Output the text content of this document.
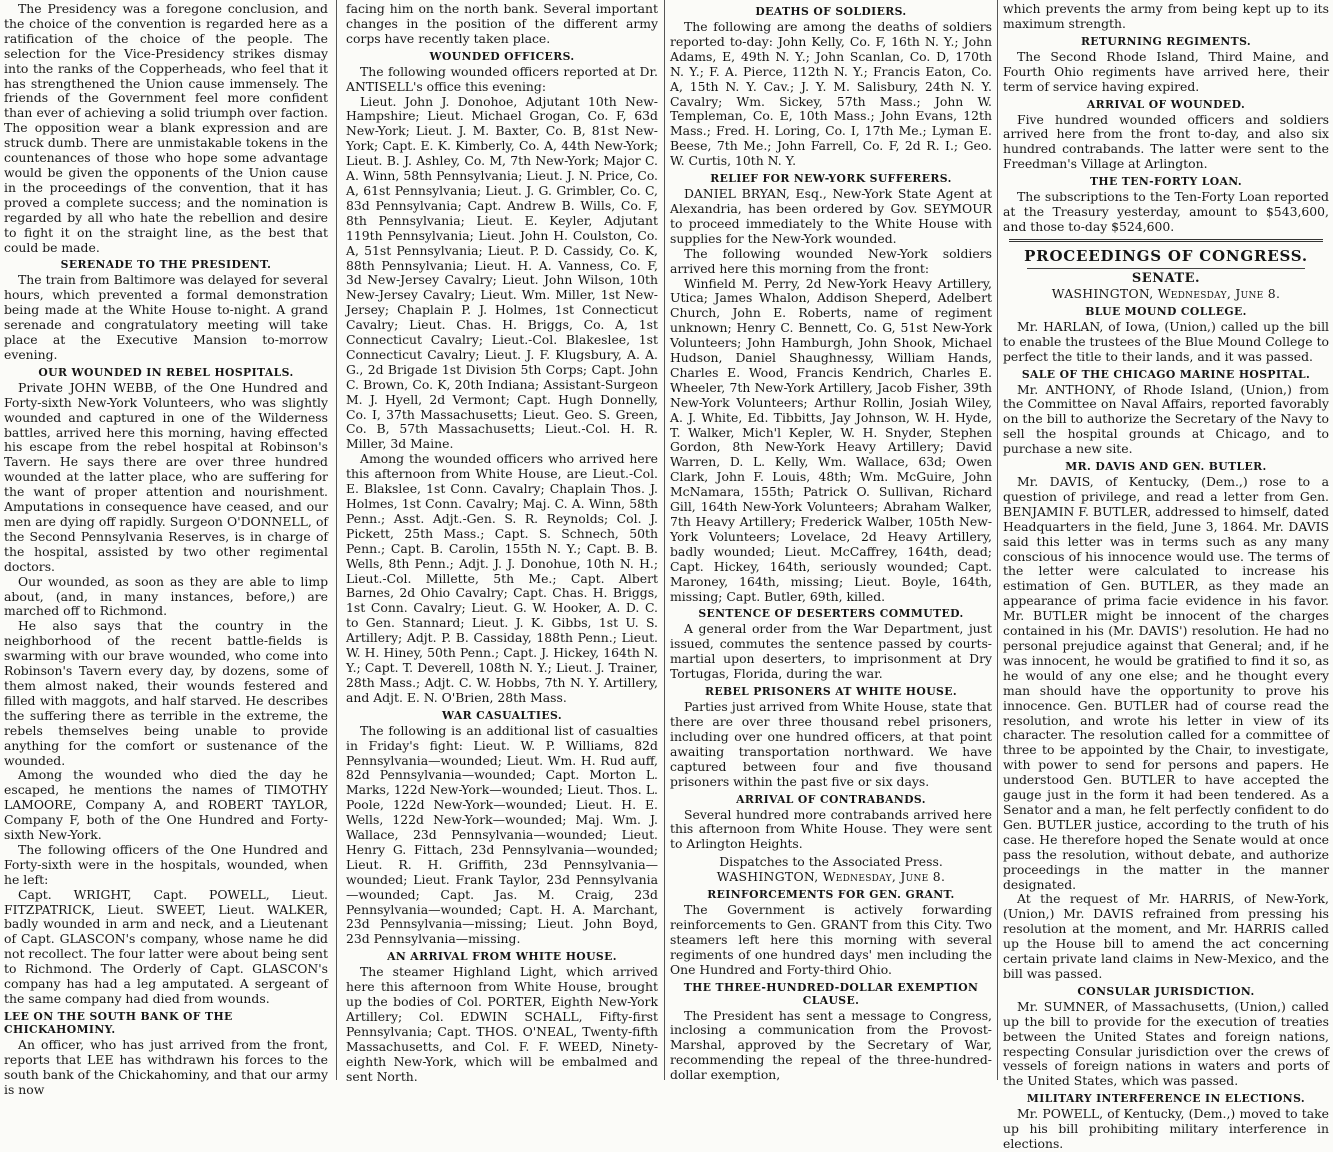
The Presidency was a foregone conclusion, and the choice of the convention is regarded here as a ratification of the choice of the people. The selection for the Vice-Presidency strikes dismay into the ranks of the Copperheads, who feel that it has strengthened the Union cause immensely. The friends of the Government feel more confident than ever of achieving a solid triumph over faction. The opposition wear a blank expression and are struck dumb. There are unmistakable tokens in the countenances of those who hope some advantage would be given the opponents of the Union cause in the proceedings of the convention, that it has proved a complete success; and the nomination is regarded by all who hate the rebellion and desire to fight it on the straight line, as the best that could be made.

SERENADE TO THE PRESIDENT.

The train from Baltimore was delayed for several hours, which prevented a formal demonstration being made at the White House to-night. A grand serenade and congratulatory meeting will take place at the Executive Mansion to-morrow evening.

OUR WOUNDED IN REBEL HOSPITALS.

Private JOHN WEBB, of the One Hundred and Forty-sixth New-York Volunteers, who was slightly wounded and captured in one of the Wilderness battles, arrived here this morning, having effected his escape from the rebel hospital at Robinson's Tavern. He says there are over three hundred wounded at the latter place, who are suffering for the want of proper attention and nourishment. Amputations in consequence have ceased, and our men are dying off rapidly. Surgeon O'DONNELL, of the Second Pennsylvania Reserves, is in charge of the hospital, assisted by two other regimental doctors.

Our wounded, as soon as they are able to limp about, (and, in many instances, before,) are marched off to Richmond.

He also says that the country in the neighborhood of the recent battle-fields is swarming with our brave wounded, who come into Robinson's Tavern every day, by dozens, some of them almost naked, their wounds festered and filled with maggots, and half starved. He describes the suffering there as terrible in the extreme, the rebels themselves being unable to provide anything for the comfort or sustenance of the wounded.

Among the wounded who died the day he escaped, he mentions the names of TIMOTHY LAMOORE, Company A, and ROBERT TAYLOR, Company F, both of the One Hundred and Forty-sixth New-York.

The following officers of the One Hundred and Forty-sixth were in the hospitals, wounded, when he left:

Capt. WRIGHT, Capt. POWELL, Lieut. FITZPATRICK, Lieut. SWEET, Lieut. WALKER, badly wounded in arm and neck, and a Lieutenant of Capt. GLASCON's company, whose name he did not recollect. The four latter were about being sent to Richmond. The Orderly of Capt. GLASCON's company has had a leg amputated. A sergeant of the same company had died from wounds.

LEE ON THE SOUTH BANK OF THE CHICKAHOMINY.

An officer, who has just arrived from the front, reports that LEE has withdrawn his forces to the south bank of the Chickahominy, and that our army is now

facing him on the north bank. Several important changes in the position of the different army corps have recently taken place.

WOUNDED OFFICERS.

The following wounded officers reported at Dr. ANTISELL's office this evening:

Lieut. John J. Donohoe, Adjutant 10th New-Hampshire; Lieut. Michael Grogan, Co. F, 63d New-York; Lieut. J. M. Baxter, Co. B, 81st New-York; Capt. E. K. Kimberly, Co. A, 44th New-York; Lieut. B. J. Ashley, Co. M, 7th New-York; Major C. A. Winn, 58th Pennsylvania; Lieut. J. N. Price, Co. A, 61st Pennsylvania; Lieut. J. G. Grimbler, Co. C, 83d Pennsylvania; Capt. Andrew B. Wills, Co. F, 8th Pennsylvania; Lieut. E. Keyler, Adjutant 119th Pennsylvania; Lieut. John H. Coulston, Co. A, 51st Pennsylvania; Lieut. P. D. Cassidy, Co. K, 88th Pennsylvania; Lieut. H. A. Vanness, Co. F, 3d New-Jersey Cavalry; Lieut. John Wilson, 10th New-Jersey Cavalry; Lieut. Wm. Miller, 1st New-Jersey; Chaplain P. J. Holmes, 1st Connecticut Cavalry; Lieut. Chas. H. Briggs, Co. A, 1st Connecticut Cavalry; Lieut.-Col. Blakeslee, 1st Connecticut Cavalry; Lieut. J. F. Klugsbury, A. A. G., 2d Brigade 1st Division 5th Corps; Capt. John C. Brown, Co. K, 20th Indiana; Assistant-Surgeon M. J. Hyell, 2d Vermont; Capt. Hugh Donnelly, Co. I, 37th Massachusetts; Lieut. Geo. S. Green, Co. B, 57th Massachusetts; Lieut.-Col. H. R. Miller, 3d Maine.

Among the wounded officers who arrived here this afternoon from White House, are Lieut.-Col. E. Blakslee, 1st Conn. Cavalry; Chaplain Thos. J. Holmes, 1st Conn. Cavalry; Maj. C. A. Winn, 58th Penn.; Asst. Adjt.-Gen. S. R. Reynolds; Col. J. Pickett, 25th Mass.; Capt. S. Schnech, 50th Penn.; Capt. B. Carolin, 155th N. Y.; Capt. B. B. Wells, 8th Penn.; Adjt. J. J. Donohue, 10th N. H.; Lieut.-Col. Millette, 5th Me.; Capt. Albert Barnes, 2d Ohio Cavalry; Capt. Chas. H. Briggs, 1st Conn. Cavalry; Lieut. G. W. Hooker, A. D. C. to Gen. Stannard; Lieut. J. K. Gibbs, 1st U. S. Artillery; Adjt. P. B. Cassiday, 188th Penn.; Lieut. W. H. Hiney, 50th Penn.; Capt. J. Hickey, 164th N. Y.; Capt. T. Deverell, 108th N. Y.; Lieut. J. Trainer, 28th Mass.; Adjt. C. W. Hobbs, 7th N. Y. Artillery, and Adjt. E. N. O'Brien, 28th Mass.

WAR CASUALTIES.

The following is an additional list of casualties in Friday's fight: Lieut. W. P. Williams, 82d Pennsylvania—wounded; Lieut. Wm. H. Rud auff, 82d Pennsylvania—wounded; Capt. Morton L. Marks, 122d New-York—wounded; Lieut. Thos. L. Poole, 122d New-York—wounded; Lieut. H. E. Wells, 122d New-York—wounded; Maj. Wm. J. Wallace, 23d Pennsylvania—wounded; Lieut. Henry G. Fittach, 23d Pennsylvania—wounded; Lieut. R. H. Griffith, 23d Pennsylvania—wounded; Lieut. Frank Taylor, 23d Pennsylvania—wounded; Capt. Jas. M. Craig, 23d Pennsylvania—wounded; Capt. H. A. Marchant, 23d Pennsylvania—missing; Lieut. John Boyd, 23d Pennsylvania—missing.

AN ARRIVAL FROM WHITE HOUSE.

The steamer Highland Light, which arrived here this afternoon from White House, brought up the bodies of Col. PORTER, Eighth New-York Artillery; Col. EDWIN SCHALL, Fifty-first Pennsylvania; Capt. THOS. O'NEAL, Twenty-fifth Massachusetts, and Col. F. F. WEED, Ninety-eighth New-York, which will be embalmed and sent North.

DEATHS OF SOLDIERS.

The following are among the deaths of soldiers reported to-day: John Kelly, Co. F, 16th N. Y.; John Adams, E, 49th N. Y.; John Scanlan, Co. D, 170th N. Y.; F. A. Pierce, 112th N. Y.; Francis Eaton, Co. A, 15th N. Y. Cav.; J. Y. M. Salisbury, 24th N. Y. Cavalry; Wm. Sickey, 57th Mass.; John W. Templeman, Co. E, 10th Mass.; John Evans, 12th Mass.; Fred. H. Loring, Co. I, 17th Me.; Lyman E. Beese, 7th Me.; John Farrell, Co. F, 2d R. I.; Geo. W. Curtis, 10th N. Y.

RELIEF FOR NEW-YORK SUFFERERS.

DANIEL BRYAN, Esq., New-York State Agent at Alexandria, has been ordered by Gov. SEYMOUR to proceed immediately to the White House with supplies for the New-York wounded.

The following wounded New-York soldiers arrived here this morning from the front:

Winfield M. Perry, 2d New-York Heavy Artillery, Utica; James Whalon, Addison Sheperd, Adelbert Church, John E. Roberts, name of regiment unknown; Henry C. Bennett, Co. G, 51st New-York Volunteers; John Hamburgh, John Shook, Michael Hudson, Daniel Shaughnessy, William Hands, Charles E. Wood, Francis Kendrich, Charles E. Wheeler, 7th New-York Artillery, Jacob Fisher, 39th New-York Volunteers; Arthur Rollin, Josiah Wiley, A. J. White, Ed. Tibbitts, Jay Johnson, W. H. Hyde, T. Walker, Mich'l Kepler, W. H. Snyder, Stephen Gordon, 8th New-York Heavy Artillery; David Warren, D. L. Kelly, Wm. Wallace, 63d; Owen Clark, John F. Louis, 48th; Wm. McGuire, John McNamara, 155th; Patrick O. Sullivan, Richard Gill, 164th New-York Volunteers; Abraham Walker, 7th Heavy Artillery; Frederick Walber, 105th New-York Volunteers; Lovelace, 2d Heavy Artillery, badly wounded; Lieut. McCaffrey, 164th, dead; Capt. Hickey, 164th, seriously wounded; Capt. Maroney, 164th, missing; Lieut. Boyle, 164th, missing; Capt. Butler, 69th, killed.

SENTENCE OF DESERTERS COMMUTED.

A general order from the War Department, just issued, commutes the sentence passed by courts-martial upon deserters, to imprisonment at Dry Tortugas, Florida, during the war.

REBEL PRISONERS AT WHITE HOUSE.

Parties just arrived from White House, state that there are over three thousand rebel prisoners, including over one hundred officers, at that point awaiting transportation northward. We have captured between four and five thousand prisoners within the past five or six days.

ARRIVAL OF CONTRABANDS.

Several hundred more contrabands arrived here this afternoon from White House. They were sent to Arlington Heights.

Dispatches to the Associated Press.

WASHINGTON, Wednesday, June 8.

REINFORCEMENTS FOR GEN. GRANT.

The Government is actively forwarding reinforcements to Gen. GRANT from this City. Two steamers left here this morning with several regiments of one hundred days' men including the One Hundred and Forty-third Ohio.

THE THREE-HUNDRED-DOLLAR EXEMPTION CLAUSE.

The President has sent a message to Congress, inclosing a communication from the Provost-Marshal, approved by the Secretary of War, recommending the repeal of the three-hundred-dollar exemption,

which prevents the army from being kept up to its maximum strength.

RETURNING REGIMENTS.

The Second Rhode Island, Third Maine, and Fourth Ohio regiments have arrived here, their term of service having expired.

ARRIVAL OF WOUNDED.

Five hundred wounded officers and soldiers arrived here from the front to-day, and also six hundred contrabands. The latter were sent to the Freedman's Village at Arlington.

THE TEN-FORTY LOAN.

The subscriptions to the Ten-Forty Loan reported at the Treasury yesterday, amount to $543,600, and those to-day $524,600.

PROCEEDINGS OF CONGRESS.
SENATE.

WASHINGTON, Wednesday, June 8.

BLUE MOUND COLLEGE.

Mr. HARLAN, of Iowa, (Union,) called up the bill to enable the trustees of the Blue Mound College to perfect the title to their lands, and it was passed.

SALE OF THE CHICAGO MARINE HOSPITAL.

Mr. ANTHONY, of Rhode Island, (Union,) from the Committee on Naval Affairs, reported favorably on the bill to authorize the Secretary of the Navy to sell the hospital grounds at Chicago, and to purchase a new site.

MR. DAVIS AND GEN. BUTLER.

Mr. DAVIS, of Kentucky, (Dem.,) rose to a question of privilege, and read a letter from Gen. BENJAMIN F. BUTLER, addressed to himself, dated Headquarters in the field, June 3, 1864. Mr. DAVIS said this letter was in terms such as any many conscious of his innocence would use. The terms of the letter were calculated to increase his estimation of Gen. BUTLER, as they made an appearance of prima facie evidence in his favor. Mr. BUTLER might be innocent of the charges contained in his (Mr. DAVIS') resolution. He had no personal prejudice against that General; and, if he was innocent, he would be gratified to find it so, as he would of any one else; and he thought every man should have the opportunity to prove his innocence. Gen. BUTLER had of course read the resolution, and wrote his letter in view of its character. The resolution called for a committee of three to be appointed by the Chair, to investigate, with power to send for persons and papers. He understood Gen. BUTLER to have accepted the gauge just in the form it had been tendered. As a Senator and a man, he felt perfectly confident to do Gen. BUTLER justice, according to the truth of his case. He therefore hoped the Senate would at once pass the resolution, without debate, and authorize proceedings in the matter in the manner designated.

At the request of Mr. HARRIS, of New-York, (Union,) Mr. DAVIS refrained from pressing his resolution at the moment, and Mr. HARRIS called up the House bill to amend the act concerning certain private land claims in New-Mexico, and the bill was passed.

CONSULAR JURISDICTION.

Mr. SUMNER, of Massachusetts, (Union,) called up the bill to provide for the execution of treaties between the United States and foreign nations, respecting Consular jurisdiction over the crews of vessels of foreign nations in waters and ports of the United States, which was passed.

MILITARY INTERFERENCE IN ELECTIONS.

Mr. POWELL, of Kentucky, (Dem.,) moved to take up his bill prohibiting military interference in elections.
